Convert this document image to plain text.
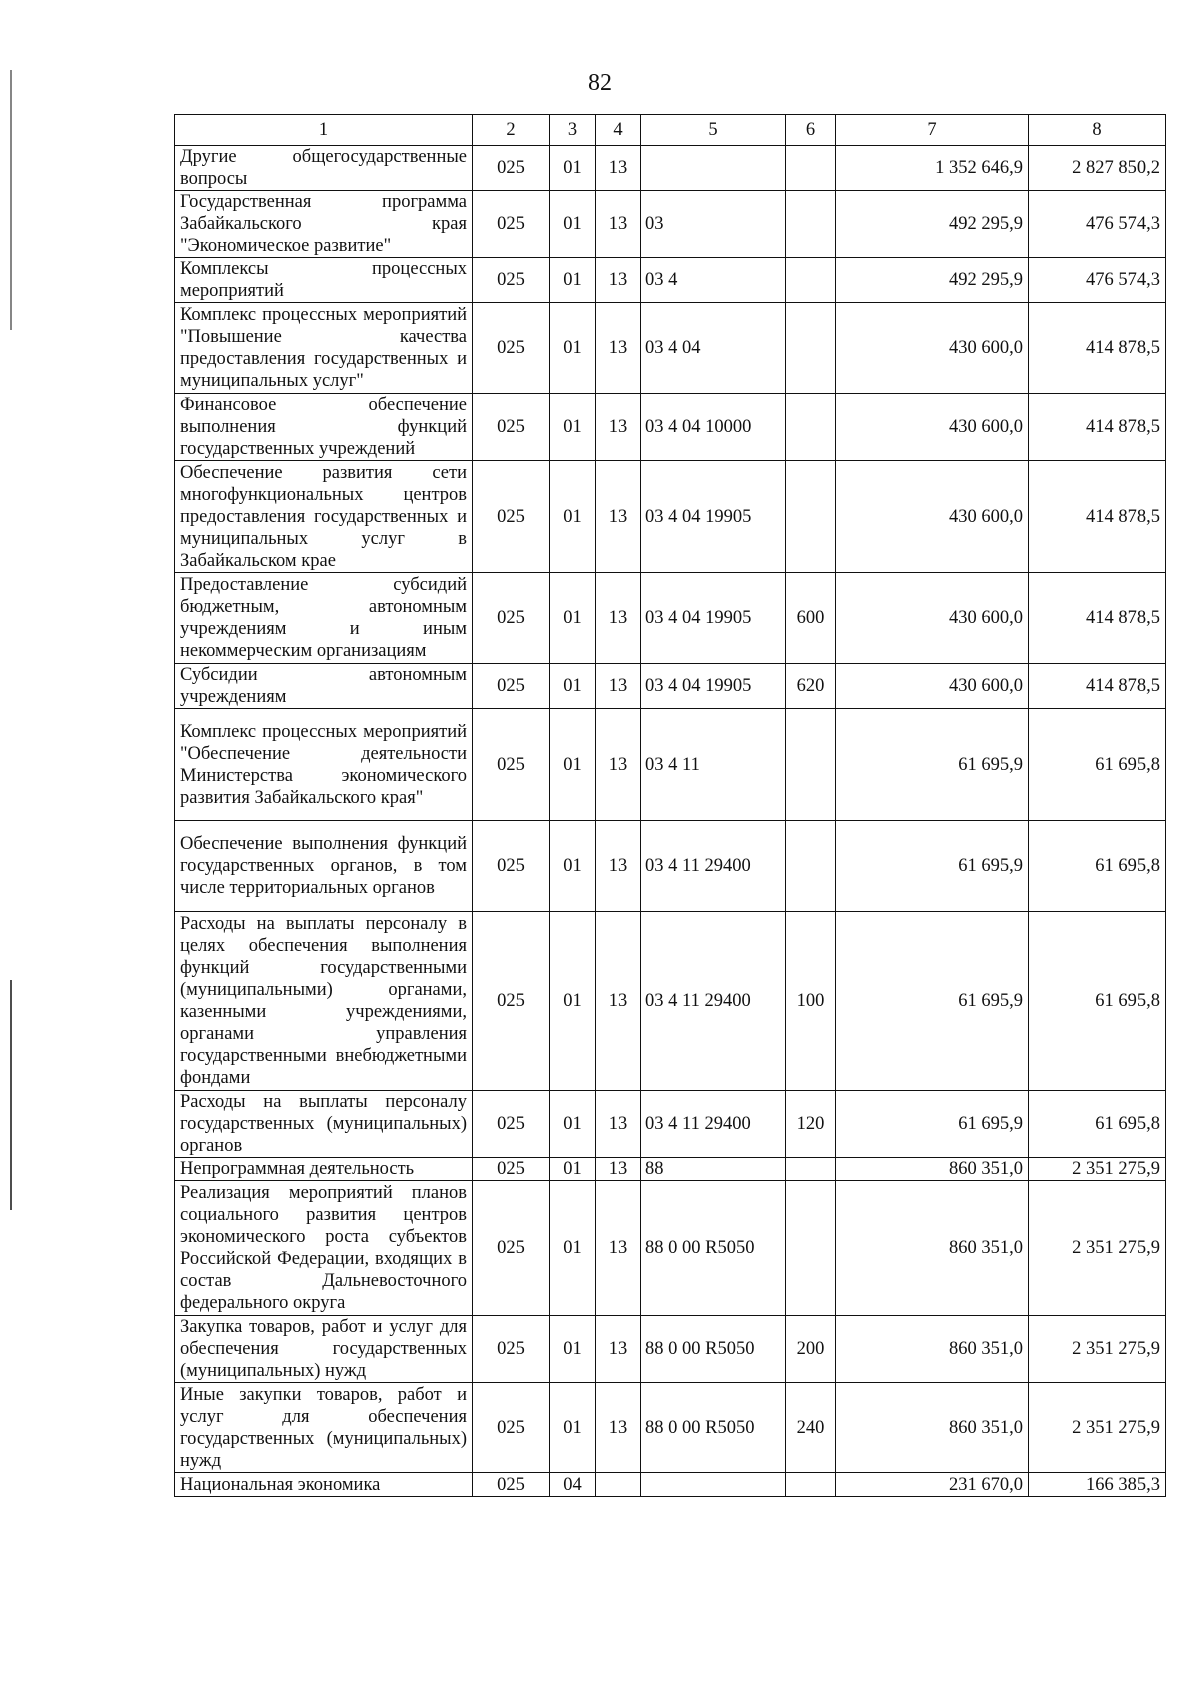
82
1	2	3	4	5	6	7	8
Другие общегосударственные вопросы	025	01	13			1 352 646,9	2 827 850,2
Государственная программа Забайкальского края "Экономическое развитие"	025	01	13	03		492 295,9	476 574,3
Комплексы процессных мероприятий	025	01	13	03 4		492 295,9	476 574,3
Комплекс процессных мероприятий "Повышение качества предоставления государственных и муниципальных услуг"	025	01	13	03 4 04		430 600,0	414 878,5
Финансовое обеспечение выполнения функций государственных учреждений	025	01	13	03 4 04 10000		430 600,0	414 878,5
Обеспечение развития сети многофункциональных центров предоставления государственных и муниципальных услуг в Забайкальском крае	025	01	13	03 4 04 19905		430 600,0	414 878,5
Предоставление субсидий бюджетным, автономным учреждениям и иным некоммерческим организациям	025	01	13	03 4 04 19905	600	430 600,0	414 878,5
Субсидии автономным учреждениям	025	01	13	03 4 04 19905	620	430 600,0	414 878,5
Комплекс процессных мероприятий "Обеспечение деятельности Министерства экономического развития Забайкальского края"	025	01	13	03 4 11		61 695,9	61 695,8
Обеспечение выполнения функций государственных органов, в том числе территориальных органов	025	01	13	03 4 11 29400		61 695,9	61 695,8
Расходы на выплаты персоналу в целях обеспечения выполнения функций государственными (муниципальными) органами, казенными учреждениями, органами управления государственными внебюджетными фондами	025	01	13	03 4 11 29400	100	61 695,9	61 695,8
Расходы на выплаты персоналу государственных (муниципальных) органов	025	01	13	03 4 11 29400	120	61 695,9	61 695,8
Непрограммная деятельность	025	01	13	88		860 351,0	2 351 275,9
Реализация мероприятий планов социального развития центров экономического роста субъектов Российской Федерации, входящих в состав Дальневосточного федерального округа	025	01	13	88 0 00 R5050		860 351,0	2 351 275,9
Закупка товаров, работ и услуг для обеспечения государственных (муниципальных) нужд	025	01	13	88 0 00 R5050	200	860 351,0	2 351 275,9
Иные закупки товаров, работ и услуг для обеспечения государственных (муниципальных) нужд	025	01	13	88 0 00 R5050	240	860 351,0	2 351 275,9
Национальная экономика	025	04				231 670,0	166 385,3
